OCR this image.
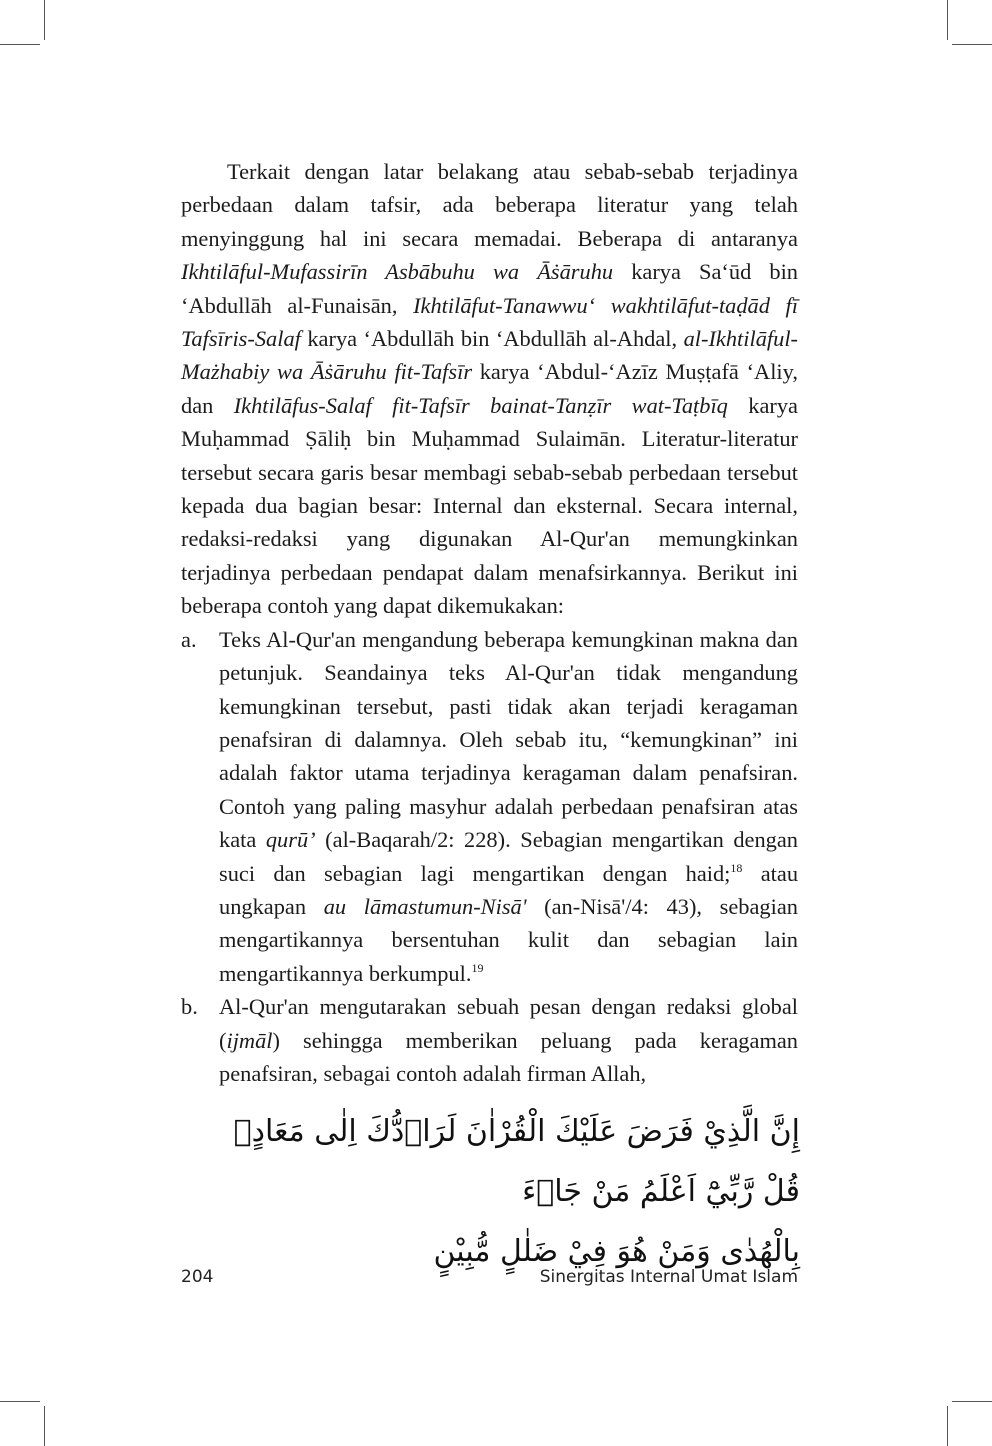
Terkait dengan latar belakang atau sebab-sebab terjadinya perbedaan dalam tafsir, ada beberapa literatur yang telah menyinggung hal ini secara memadai. Beberapa di antaranya Ikhtilāful-Mufassirīn Asbābuhu wa Āṡāruhu karya Sa‘ūd bin ‘Abdullāh al-Funaisān, Ikhtilāfut-Tanawwu‘ wakhtilāfut-taḍād fī Tafsīris-Salaf karya ‘Abdullāh bin ‘Abdullāh al-Ahdal, al-Ikhtilāful-Mażhabiy wa Āṡāruhu fit-Tafsīr karya ‘Abdul-‘Azīz Muṣṭafā ‘Aliy, dan Ikhtilāfus-Salaf fit-Tafsīr bainat-Tanẓīr wat-Taṭbīq karya Muḥammad Ṣāliḥ bin Muḥammad Sulaimān. Literatur-literatur tersebut secara garis besar membagi sebab-sebab perbedaan tersebut kepada dua bagian besar: Internal dan eksternal. Secara internal, redaksi-redaksi yang digunakan Al-Qur'an memungkinkan terjadinya perbedaan pendapat dalam menafsirkannya. Berikut ini beberapa contoh yang dapat dikemukakan:

a. Teks Al-Qur'an mengandung beberapa kemungkinan makna dan petunjuk. Seandainya teks Al-Qur'an tidak mengandung kemungkinan tersebut, pasti tidak akan terjadi keragaman penafsiran di dalamnya. Oleh sebab itu, “kemungkinan” ini adalah faktor utama terjadinya keragaman dalam penafsiran. Contoh yang paling masyhur adalah perbedaan penafsiran atas kata qurū’ (al-Baqarah/2: 228). Sebagian mengartikan dengan suci dan sebagian lagi mengartikan dengan haid;$^{18}$ atau ungkapan au lāmastumun-Nisā' (an-Nisā'/4: 43), sebagian mengartikannya bersentuhan kulit dan sebagian lain mengartikannya berkumpul.$^{19}$
b. Al-Qur'an mengutarakan sebuah pesan dengan redaksi global (ijmāl) sehingga memberikan peluang pada keragaman penafsiran, sebagai contoh adalah firman Allah,
إِنَّ الَّذِيْ فَرَضَ عَلَيْكَ الْقُرْاٰنَ لَرَاۤدُّكَ اِلٰى مَعَادٍۗ قُلْ رَّبِّيْٓ اَعْلَمُ مَنْ جَاۤءَ
بِالْهُدٰى وَمَنْ هُوَ فِيْ ضَلٰلٍ مُّبِيْنٍ
204	Sinergitas Internal Umat Islam
